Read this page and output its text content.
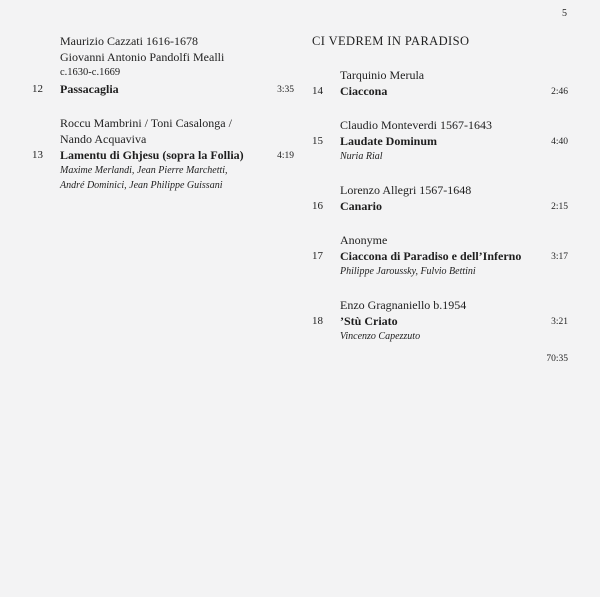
5
Maurizio Cazzati 1616-1678
Giovanni Antonio Pandolfi Mealli
c.1630-c.1669
12 Passacaglia	3:35
Roccu Mambrini / Toni Casalonga /
Nando Acquaviva
13 Lamentu di Ghjesu (sopra la Follia)	4:19
Maxime Merlandi, Jean Pierre Marchetti,
André Dominici, Jean Philippe Guissani
CI VEDREM IN PARADISO
Tarquinio Merula
14 Ciaccona	2:46
Claudio Monteverdi 1567-1643
15 Laudate Dominum	4:40
Nuria Rial
Lorenzo Allegri 1567-1648
16 Canario	2:15
Anonyme
17 Ciaccona di Paradiso e dell’Inferno	3:17
Philippe Jaroussky, Fulvio Bettini
Enzo Gragnaniello b.1954
18 ’Stù Criato	3:21
Vincenzo Capezzuto
70:35
